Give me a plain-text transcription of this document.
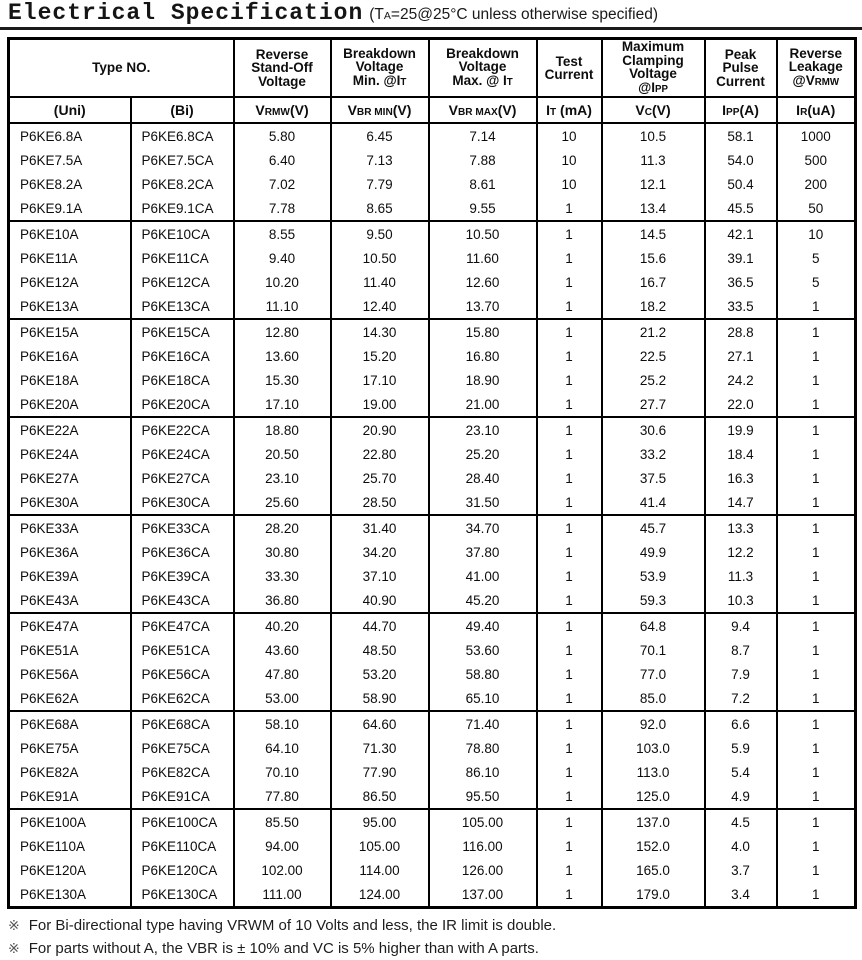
Electrical Specification (TA=25@25°C unless otherwise specified)
Type NO.		Reverse
Stand-Off
Voltage	Breakdown
Voltage
Min. @IT	Breakdown
Voltage
Max. @ IT	Test
Current	Maximum
Clamping
Voltage
@IPP	Peak
Pulse
Current	Reverse
Leakage
@VRMW
(Uni)	(Bi)	VRMW(V)	VBR MIN(V)	VBR MAX(V)	IT (mA)	VC(V)	IPP(A)	IR(uA)
P6KE6.8A	P6KE6.8CA	5.80	6.45	7.14	10	10.5	58.1	1000
P6KE7.5A	P6KE7.5CA	6.40	7.13	7.88	10	11.3	54.0	500
P6KE8.2A	P6KE8.2CA	7.02	7.79	8.61	10	12.1	50.4	200
P6KE9.1A	P6KE9.1CA	7.78	8.65	9.55	1	13.4	45.5	50
P6KE10A	P6KE10CA	8.55	9.50	10.50	1	14.5	42.1	10
P6KE11A	P6KE11CA	9.40	10.50	11.60	1	15.6	39.1	5
P6KE12A	P6KE12CA	10.20	11.40	12.60	1	16.7	36.5	5
P6KE13A	P6KE13CA	11.10	12.40	13.70	1	18.2	33.5	1
P6KE15A	P6KE15CA	12.80	14.30	15.80	1	21.2	28.8	1
P6KE16A	P6KE16CA	13.60	15.20	16.80	1	22.5	27.1	1
P6KE18A	P6KE18CA	15.30	17.10	18.90	1	25.2	24.2	1
P6KE20A	P6KE20CA	17.10	19.00	21.00	1	27.7	22.0	1
P6KE22A	P6KE22CA	18.80	20.90	23.10	1	30.6	19.9	1
P6KE24A	P6KE24CA	20.50	22.80	25.20	1	33.2	18.4	1
P6KE27A	P6KE27CA	23.10	25.70	28.40	1	37.5	16.3	1
P6KE30A	P6KE30CA	25.60	28.50	31.50	1	41.4	14.7	1
P6KE33A	P6KE33CA	28.20	31.40	34.70	1	45.7	13.3	1
P6KE36A	P6KE36CA	30.80	34.20	37.80	1	49.9	12.2	1
P6KE39A	P6KE39CA	33.30	37.10	41.00	1	53.9	11.3	1
P6KE43A	P6KE43CA	36.80	40.90	45.20	1	59.3	10.3	1
P6KE47A	P6KE47CA	40.20	44.70	49.40	1	64.8	9.4	1
P6KE51A	P6KE51CA	43.60	48.50	53.60	1	70.1	8.7	1
P6KE56A	P6KE56CA	47.80	53.20	58.80	1	77.0	7.9	1
P6KE62A	P6KE62CA	53.00	58.90	65.10	1	85.0	7.2	1
P6KE68A	P6KE68CA	58.10	64.60	71.40	1	92.0	6.6	1
P6KE75A	P6KE75CA	64.10	71.30	78.80	1	103.0	5.9	1
P6KE82A	P6KE82CA	70.10	77.90	86.10	1	113.0	5.4	1
P6KE91A	P6KE91CA	77.80	86.50	95.50	1	125.0	4.9	1
P6KE100A	P6KE100CA	85.50	95.00	105.00	1	137.0	4.5	1
P6KE110A	P6KE110CA	94.00	105.00	116.00	1	152.0	4.0	1
P6KE120A	P6KE120CA	102.00	114.00	126.00	1	165.0	3.7	1
P6KE130A	P6KE130CA	111.00	124.00	137.00	1	179.0	3.4	1
※ For Bi-directional type having VRWM of 10 Volts and less, the IR limit is double.
※ For parts without A, the VBR is ± 10% and VC is 5% higher than with A parts.
